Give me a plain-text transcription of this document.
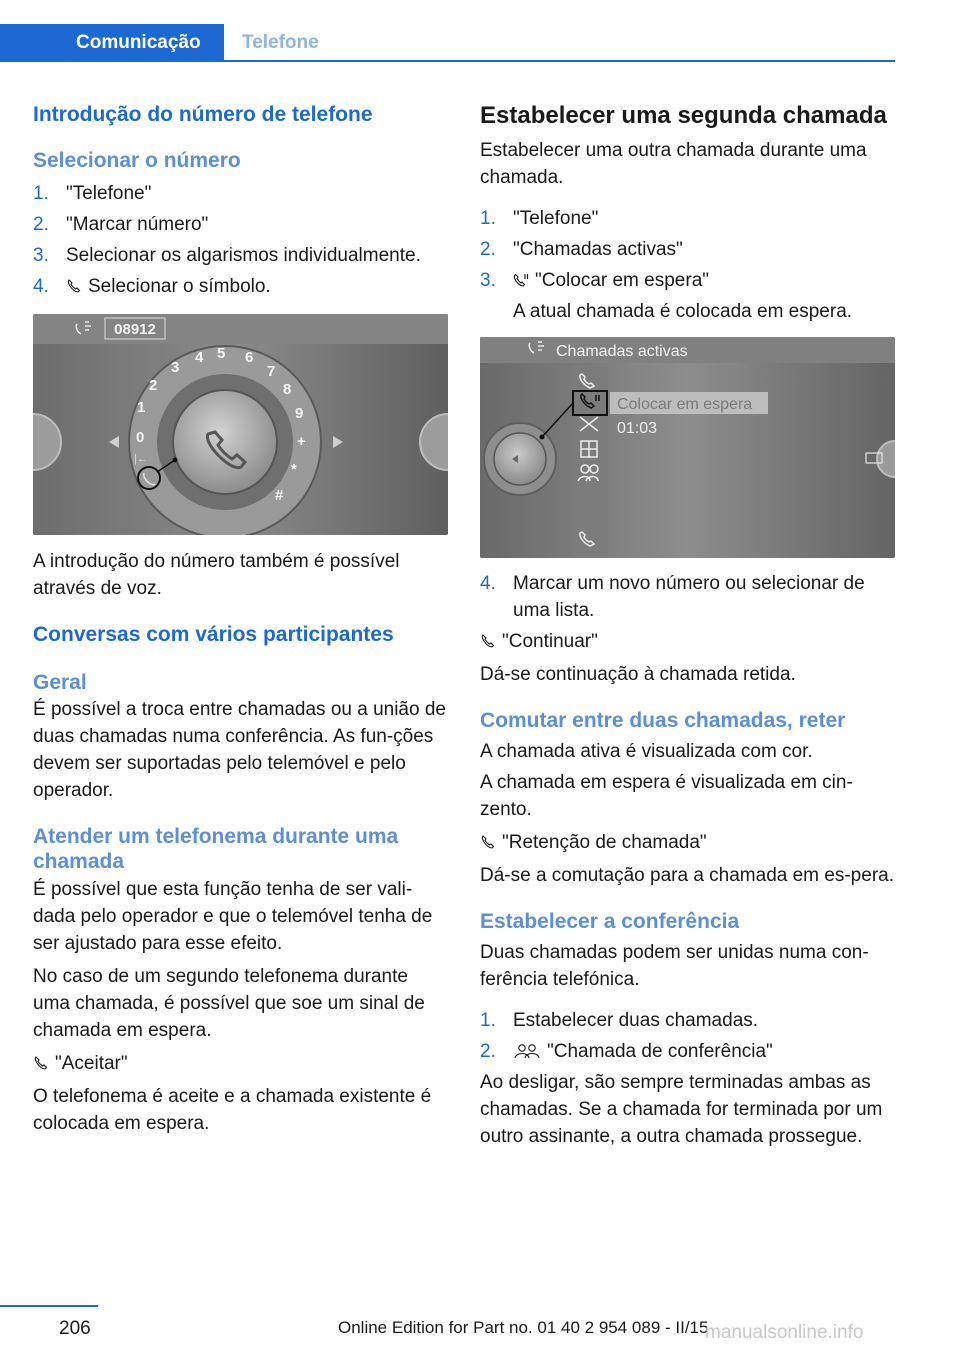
Comunicação	Telefone
Introdução do número de telefone
Selecionar o número
1. "Telefone"
2. "Marcar número"
3. Selecionar os algarismos individualmente.
4. Selecionar o símbolo.
08912
0
1
2
3
4 5 6
7
8
9
+
*
#
|←

A introdução do número também é possível através de voz.

Conversas com vários participantes
Geral

É possível a troca entre chamadas ou a união de duas chamadas numa conferência. As fun-ções devem ser suportadas pelo telemóvel e pelo operador.

Atender um telefonema durante uma chamada

É possível que esta função tenha de ser vali-dada pelo operador e que o telemóvel tenha de ser ajustado para esse efeito.

No caso de um segundo telefonema durante uma chamada, é possível que soe um sinal de chamada em espera.

"Aceitar"

O telefonema é aceite e a chamada existente é colocada em espera.

Estabelecer uma segunda chamada

Estabelecer uma outra chamada durante uma chamada.

1. "Telefone"
2. "Chamadas activas"
3. "Colocar em espera"
A atual chamada é colocada em espera.
Chamadas activas
Colocar em espera
01:03
4. Marcar um novo número ou selecionar de uma lista.

"Continuar"

Dá-se continuação à chamada retida.

Comutar entre duas chamadas, reter

A chamada ativa é visualizada com cor.

A chamada em espera é visualizada em cin-zento.

"Retenção de chamada"

Dá-se a comutação para a chamada em es-pera.

Estabelecer a conferência

Duas chamadas podem ser unidas numa con-ferência telefónica.

1. Estabelecer duas chamadas.
2.	"Chamada de conferência"

Ao desligar, são sempre terminadas ambas as chamadas. Se a chamada for terminada por um outro assinante, a outra chamada prossegue.

206	Online Edition for Part no. 01 40 2 954 089 - II/15
manualsonline.info
